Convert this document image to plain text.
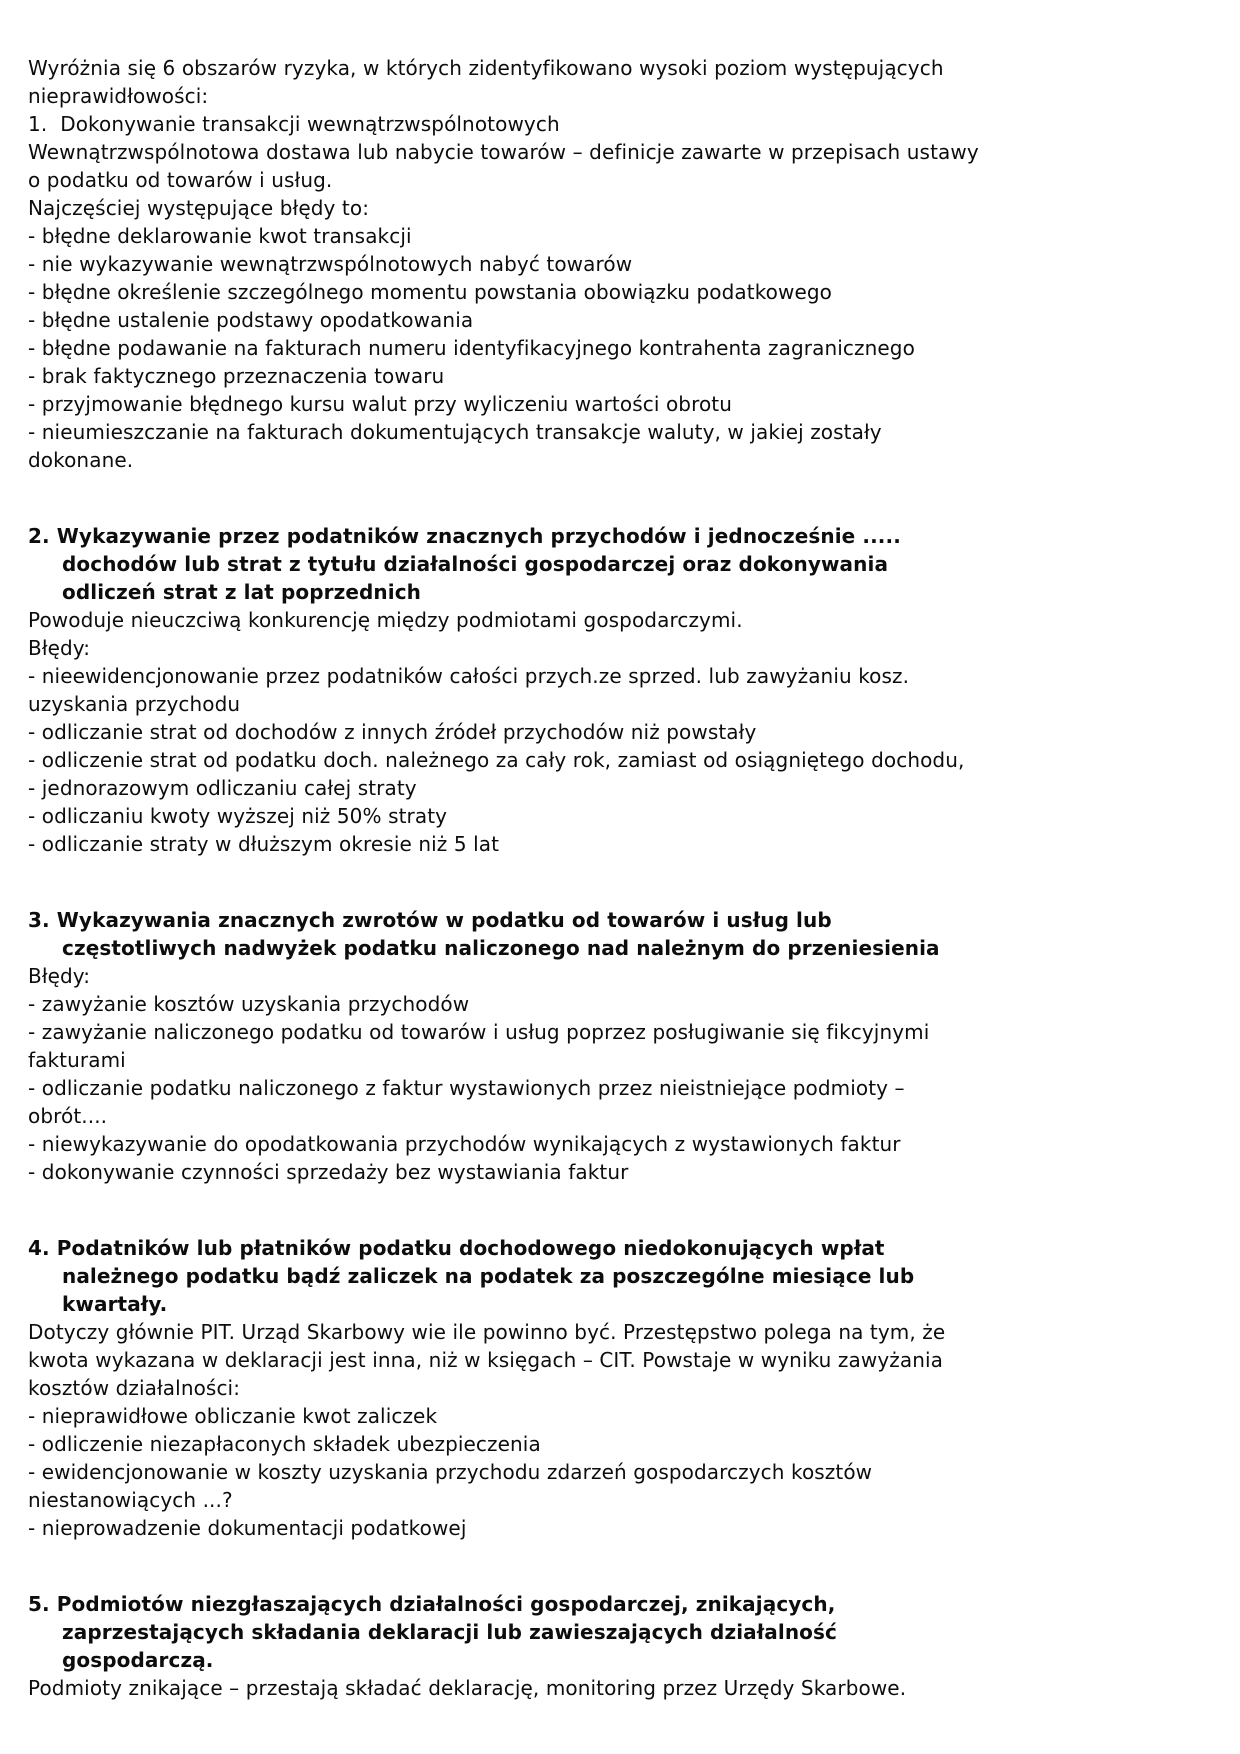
Wyróżnia się 6 obszarów ryzyka, w których zidentyfikowano wysoki poziom występujących
nieprawidłowości:
1.  Dokonywanie transakcji wewnątrzwspólnotowych
Wewnątrzwspólnotowa dostawa lub nabycie towarów – definicje zawarte w przepisach ustawy
o podatku od towarów i usług.
Najczęściej występujące błędy to:
- błędne deklarowanie kwot transakcji
- nie wykazywanie wewnątrzwspólnotowych nabyć towarów
- błędne określenie szczególnego momentu powstania obowiązku podatkowego
- błędne ustalenie podstawy opodatkowania
- błędne podawanie na fakturach numeru identyfikacyjnego kontrahenta zagranicznego
- brak faktycznego przeznaczenia towaru
- przyjmowanie błędnego kursu walut przy wyliczeniu wartości obrotu
- nieumieszczanie na fakturach dokumentujących transakcje waluty, w jakiej zostały
dokonane.
2. Wykazywanie przez podatników znacznych przychodów i jednocześnie .....
dochodów lub strat z tytułu działalności gospodarczej oraz dokonywania
odliczeń strat z lat poprzednich
Powoduje nieuczciwą konkurencję między podmiotami gospodarczymi.
Błędy:
- nieewidencjonowanie przez podatników całości przych.ze sprzed. lub zawyżaniu kosz.
uzyskania przychodu
- odliczanie strat od dochodów z innych źródeł przychodów niż powstały
- odliczenie strat od podatku doch. należnego za cały rok, zamiast od osiągniętego dochodu,
- jednorazowym odliczaniu całej straty
- odliczaniu kwoty wyższej niż 50% straty
- odliczanie straty w dłuższym okresie niż 5 lat
3. Wykazywania znacznych zwrotów w podatku od towarów i usług lub
częstotliwych nadwyżek podatku naliczonego nad należnym do przeniesienia
Błędy:
- zawyżanie kosztów uzyskania przychodów
- zawyżanie naliczonego podatku od towarów i usług poprzez posługiwanie się fikcyjnymi
fakturami
- odliczanie podatku naliczonego z faktur wystawionych przez nieistniejące podmioty –
obrót....
- niewykazywanie do opodatkowania przychodów wynikających z wystawionych faktur
- dokonywanie czynności sprzedaży bez wystawiania faktur
4. Podatników lub płatników podatku dochodowego niedokonujących wpłat
należnego podatku bądź zaliczek na podatek za poszczególne miesiące lub
kwartały.
Dotyczy głównie PIT. Urząd Skarbowy wie ile powinno być. Przestępstwo polega na tym, że
kwota wykazana w deklaracji jest inna, niż w księgach – CIT. Powstaje w wyniku zawyżania
kosztów działalności:
- nieprawidłowe obliczanie kwot zaliczek
- odliczenie niezapłaconych składek ubezpieczenia
- ewidencjonowanie w koszty uzyskania przychodu zdarzeń gospodarczych kosztów
niestanowiących ...?
- nieprowadzenie dokumentacji podatkowej
5. Podmiotów niezgłaszających działalności gospodarczej, znikających,
zaprzestających składania deklaracji lub zawieszających działalność
gospodarczą.
Podmioty znikające – przestają składać deklarację, monitoring przez Urzędy Skarbowe.
